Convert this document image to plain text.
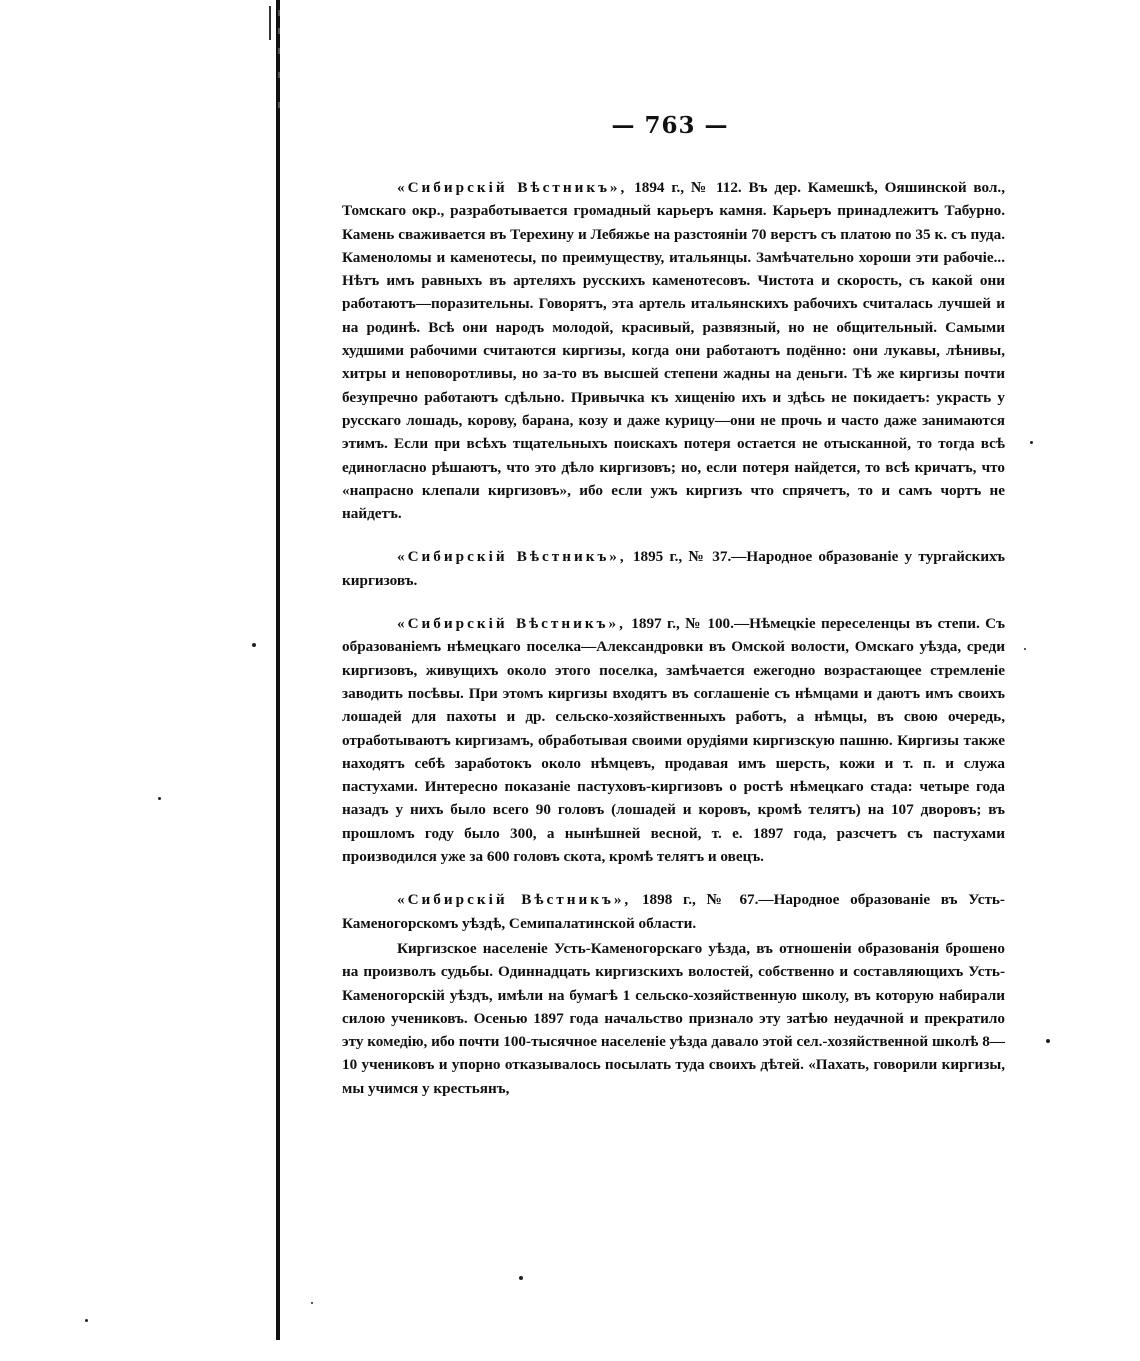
— 763 —

«Сибирскій Вѣстникъ», 1894 г., № 112. Въ дер. Камешкѣ, Ояшинской вол., Томскаго окр., разработывается громадный карьеръ камня. Карьеръ принадлежитъ Табурно. Камень сваживается въ Терехину и Лебяжье на разстояніи 70 верстъ съ платою по 35 к. съ пуда. Каменоломы и каменотесы, по преимуществу, итальянцы. Замѣчательно хороши эти рабочіе... Нѣтъ имъ равныхъ въ артеляхъ русскихъ каменотесовъ. Чистота и скорость, съ какой они работаютъ—поразительны. Говорятъ, эта артель итальянскихъ рабочихъ считалась лучшей и на родинѣ. Всѣ они народъ молодой, красивый, развязный, но не общительный. Самыми худшими рабочими считаются киргизы, когда они работаютъ подённо: они лукавы, лѣнивы, хитры и неповоротливы, но за-то въ высшей степени жадны на деньги. Тѣ же киргизы почти безупречно работаютъ сдѣльно. Привычка къ хищенію ихъ и здѣсь не покидаетъ: украсть у русскаго лошадь, корову, барана, козу и даже курицу—они не прочь и часто даже занимаются этимъ. Если при всѣхъ тщательныхъ поискахъ потеря остается не отысканной, то тогда всѣ единогласно рѣшаютъ, что это дѣло киргизовъ; но, если потеря найдется, то всѣ кричатъ, что «напрасно клепали киргизовъ», ибо если ужъ киргизъ что спрячетъ, то и самъ чортъ не найдетъ.

«Сибирскій Вѣстникъ», 1895 г., № 37.—Народное образованіе у тургайскихъ киргизовъ.

«Сибирскій Вѣстникъ», 1897 г., № 100.—Нѣмецкіе переселенцы въ степи. Съ образованіемъ нѣмецкаго поселка—Александровки въ Омской волости, Омскаго уѣзда, среди киргизовъ, живущихъ около этого поселка, замѣчается ежегодно возрастающее стремленіе заводить посѣвы. При этомъ киргизы входятъ въ соглашеніе съ нѣмцами и даютъ имъ своихъ лошадей для пахоты и др. сельско-хозяйственныхъ работъ, а нѣмцы, въ свою очередь, отработываютъ киргизамъ, обработывая своими орудіями киргизскую пашню. Киргизы также находятъ себѣ заработокъ около нѣмцевъ, продавая имъ шерсть, кожи и т. п. и служа пастухами. Интересно показаніе пастуховъ-киргизовъ о ростѣ нѣмецкаго стада: четыре года назадъ у нихъ было всего 90 головъ (лошадей и коровъ, кромѣ телятъ) на 107 дворовъ; въ прошломъ году было 300, а нынѣшней весной, т. е. 1897 года, разсчетъ съ пастухами производился уже за 600 головъ скота, кромѣ телятъ и овецъ.

«Сибирскій Вѣстникъ», 1898 г., № 67.—Народное образованіе въ Усть-Каменогорскомъ уѣздѣ, Семипалатинской области.

Киргизское населеніе Усть-Каменогорскаго уѣзда, въ отношеніи образованія брошено на произволъ судьбы. Одиннадцать киргизскихъ волостей, собственно и составляющихъ Усть-Каменогорскій уѣздъ, имѣли на бумагѣ 1 сельско-хозяйственную школу, въ которую набирали силою учениковъ. Осенью 1897 года начальство признало эту затѣю неудачной и прекратило эту комедію, ибо почти 100-тысячное населеніе уѣзда давало этой сел.-хозяйственной школѣ 8—10 учениковъ и упорно отказывалось посылать туда своихъ дѣтей. «Пахать, говорили киргизы, мы учимся у крестьянъ,
